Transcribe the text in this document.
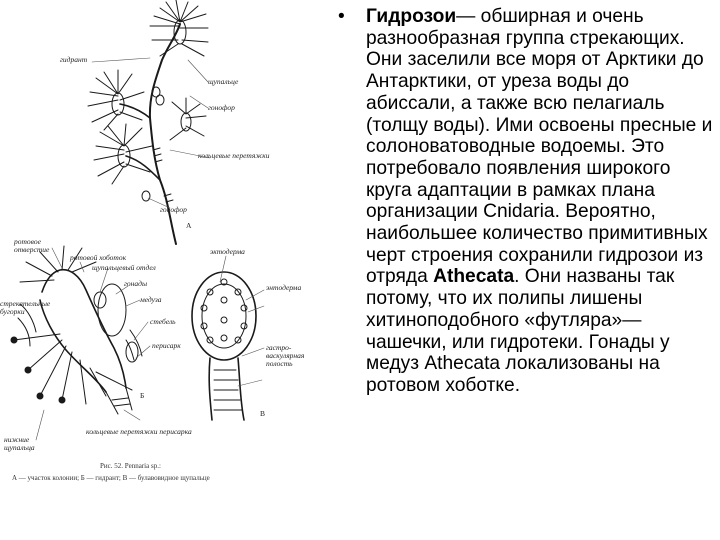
гидрант
щупальце
гонофор
кольцевые перетяжки
гонофор
А
ротовое отверстие
ротовой хоботок
щупальцевый отдел
гонады
медуза
стебель
перисарк
стрекательные бугорки
Б
нижние щупальца
кольцевые перетяжки перисарка
эктодерма
энтодерма
гастро-васкулярная полость
В
Рис. 52. Pennaria sp.:
А — участок колонии; Б — гидрант; В — булавовидное щупальце
• Гидрозои— обширная и очень разнообразная группа стрекающих. Они заселили все моря от Арктики до Антарктики, от уреза воды до абиссали, а также всю пелагиаль (толщу воды). Ими освоены пресные и солоноватоводные водоемы. Это потребовало появления широкого круга адаптации в рамках плана организации Cnidaria. Вероятно, наибольшее количество примитивных черт строения сохранили гидрозои из отряда Athecata. Они названы так потому, что их полипы лишены хитиноподобного «футляра»— чашечки, или гидротеки. Гонады у медуз Athecata локализованы на ротовом хоботке.
